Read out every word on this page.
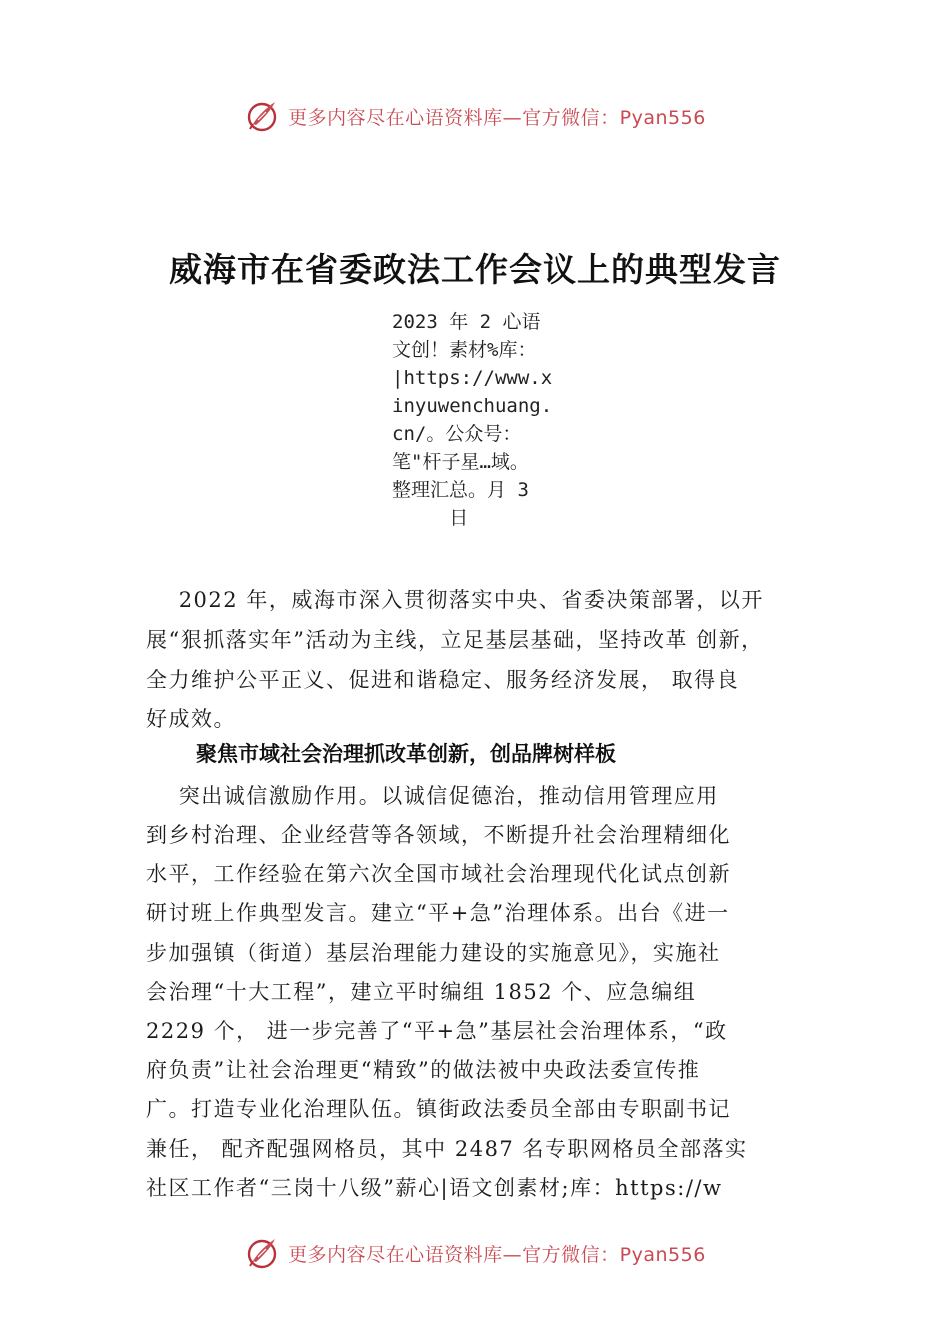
更多内容尽在心语资料库—官方微信：Pyan556
威海市在省委政法工作会议上的典型发言
2023 年 2 心语
文创！素材%库：
|https://www.x
inyuwenchuang.
cn/。公众号：
笔"杆子星…域。
整理汇总。月 3
日
2022 年，威海市深入贯彻落实中央、省委决策部署，以开
展“狠抓落实年”活动为主线，立足基层基础，坚持改革 创新，
全力维护公平正义、促进和谐稳定、服务经济发展， 取得良
好成效。
聚焦市域社会治理抓改革创新，创品牌树样板
突出诚信激励作用。以诚信促德治，推动信用管理应用
到乡村治理、企业经营等各领域，不断提升社会治理精细化
水平，工作经验在第六次全国市域社会治理现代化试点创新
研讨班上作典型发言。建立“平+急”治理体系。出台《进一
步加强镇（街道）基层治理能力建设的实施意见》，实施社
会治理“十大工程”，建立平时编组 1852 个、应急编组
2229 个， 进一步完善了“平+急”基层社会治理体系，“政
府负责”让社会治理更“精致”的做法被中央政法委宣传推
广。打造专业化治理队伍。镇街政法委员全部由专职副书记
兼任， 配齐配强网格员，其中 2487 名专职网格员全部落实
社区工作者“三岗十八级”薪心|语文创素材;库：https://w
更多内容尽在心语资料库—官方微信：Pyan556
